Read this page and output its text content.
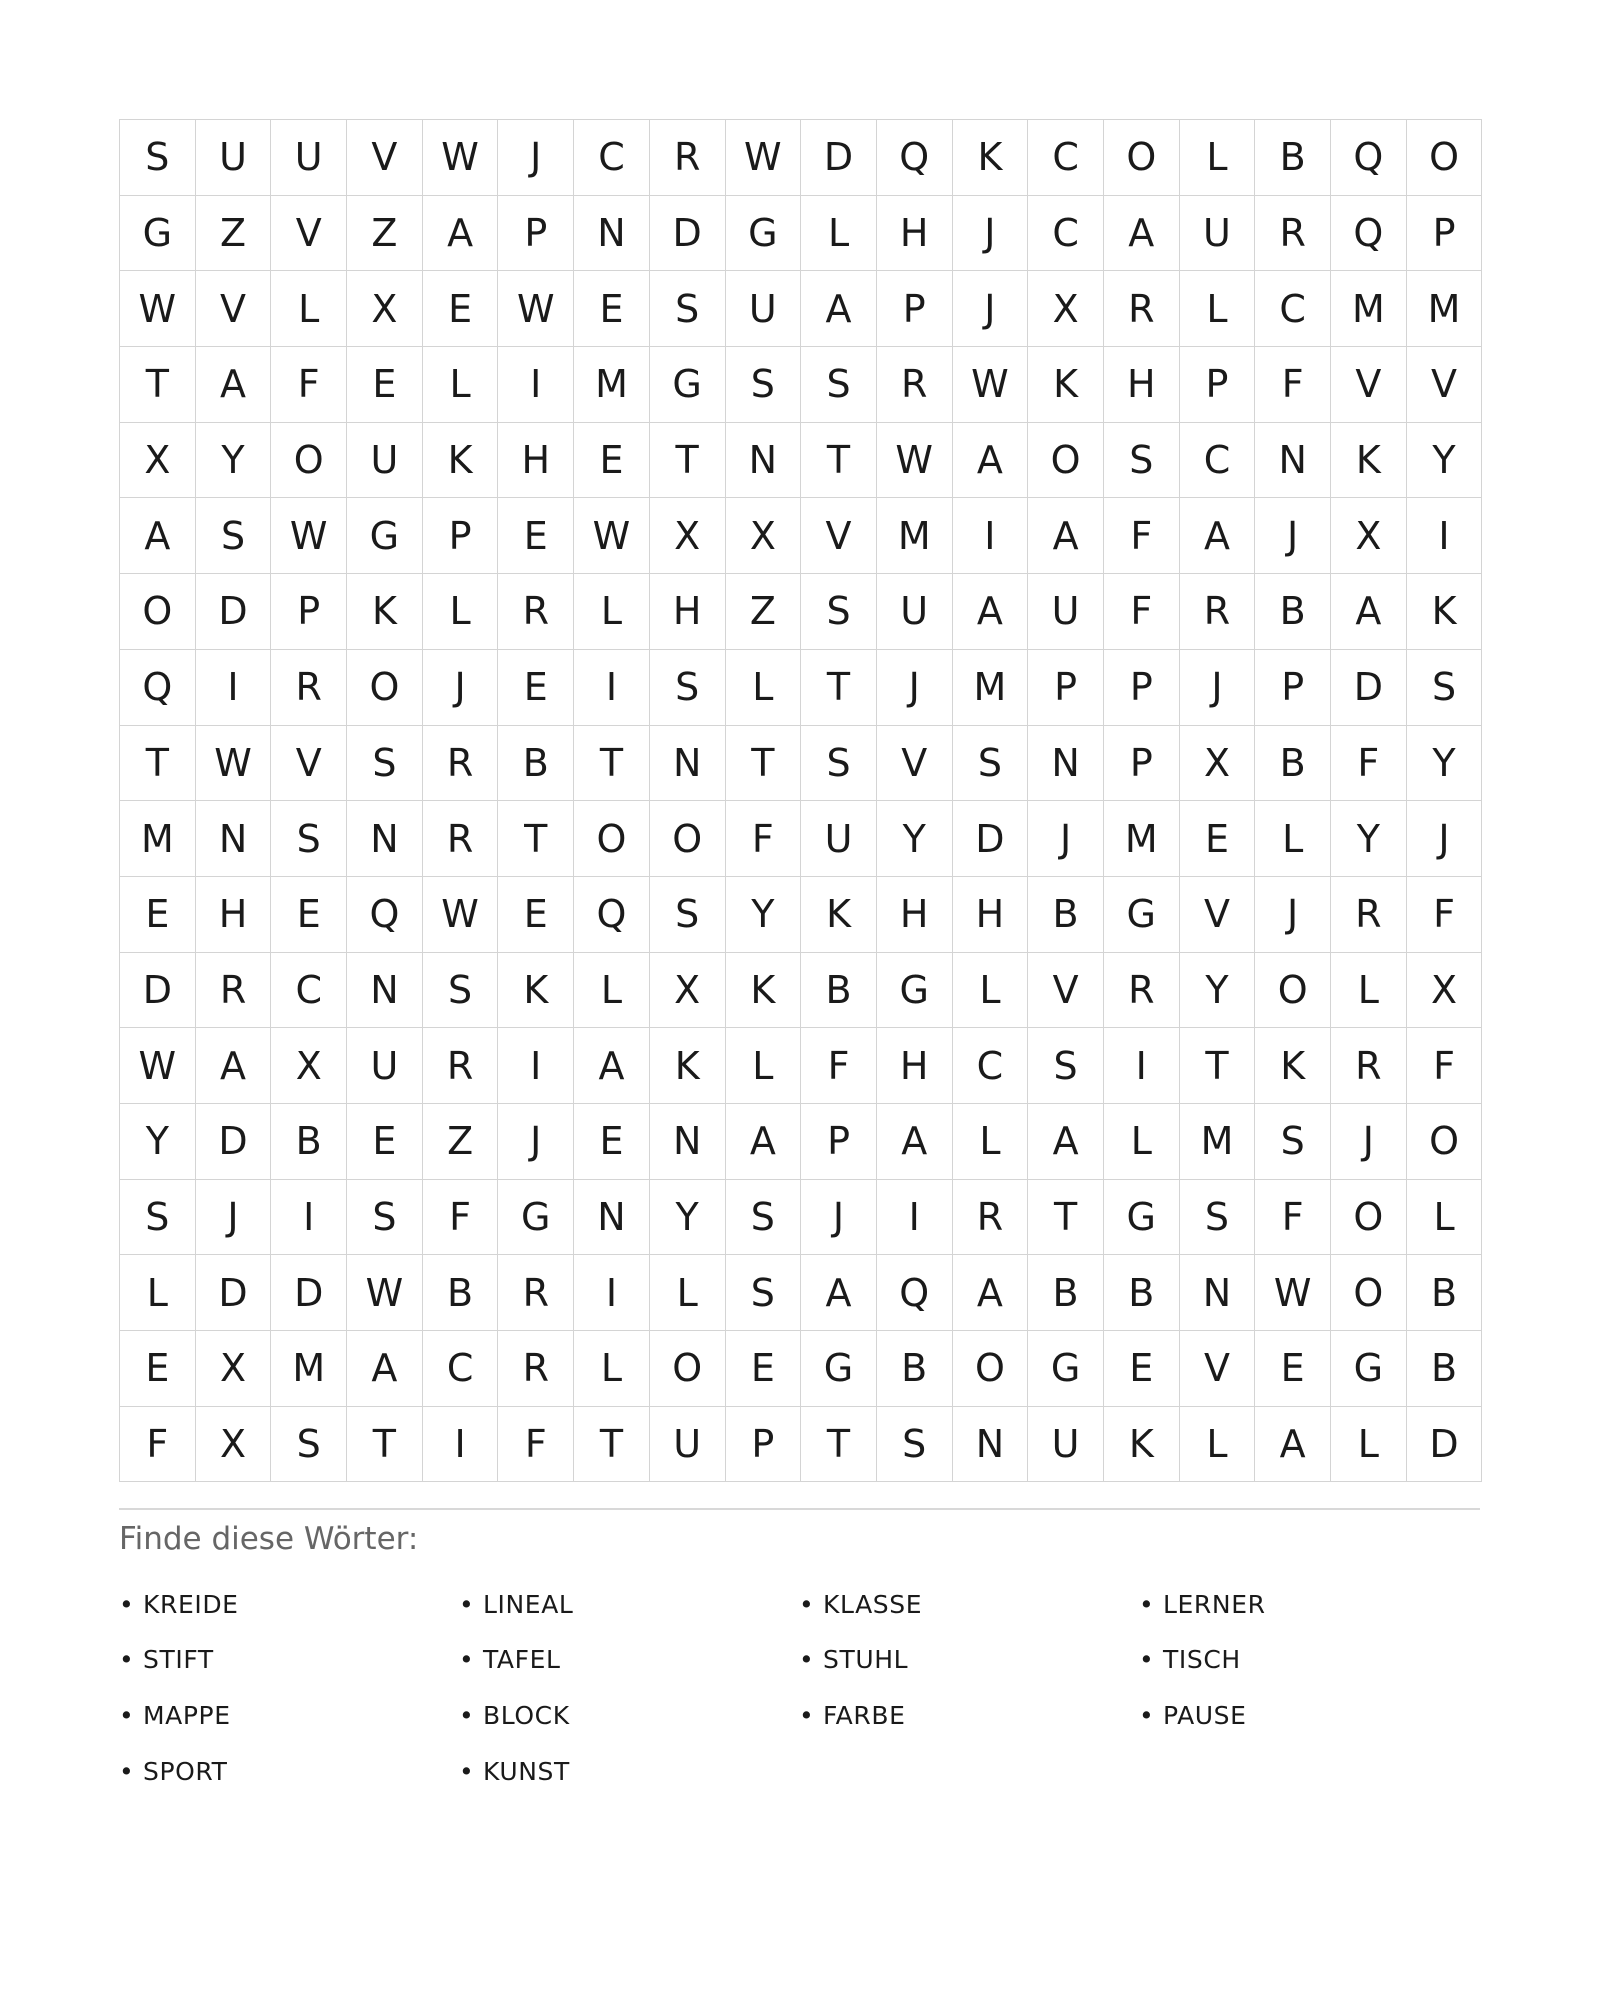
S	U	U	V	W	J	C	R	W	D	Q	K	C	O	L	B	Q	O
G	Z	V	Z	A	P	N	D	G	L	H	J	C	A	U	R	Q	P
W	V	L	X	E	W	E	S	U	A	P	J	X	R	L	C	M	M
T	A	F	E	L	I	M	G	S	S	R	W	K	H	P	F	V	V
X	Y	O	U	K	H	E	T	N	T	W	A	O	S	C	N	K	Y
A	S	W	G	P	E	W	X	X	V	M	I	A	F	A	J	X	I
O	D	P	K	L	R	L	H	Z	S	U	A	U	F	R	B	A	K
Q	I	R	O	J	E	I	S	L	T	J	M	P	P	J	P	D	S
T	W	V	S	R	B	T	N	T	S	V	S	N	P	X	B	F	Y
M	N	S	N	R	T	O	O	F	U	Y	D	J	M	E	L	Y	J
E	H	E	Q	W	E	Q	S	Y	K	H	H	B	G	V	J	R	F
D	R	C	N	S	K	L	X	K	B	G	L	V	R	Y	O	L	X
W	A	X	U	R	I	A	K	L	F	H	C	S	I	T	K	R	F
Y	D	B	E	Z	J	E	N	A	P	A	L	A	L	M	S	J	O
S	J	I	S	F	G	N	Y	S	J	I	R	T	G	S	F	O	L
L	D	D	W	B	R	I	L	S	A	Q	A	B	B	N	W	O	B
E	X	M	A	C	R	L	O	E	G	B	O	G	E	V	E	G	B
F	X	S	T	I	F	T	U	P	T	S	N	U	K	L	A	L	D
Finde diese Wörter:
• KREIDE	• LINEAL	• KLASSE	• LERNER
• STIFT	• TAFEL	• STUHL	• TISCH
• MAPPE	• BLOCK	• FARBE	• PAUSE
• SPORT	• KUNST
